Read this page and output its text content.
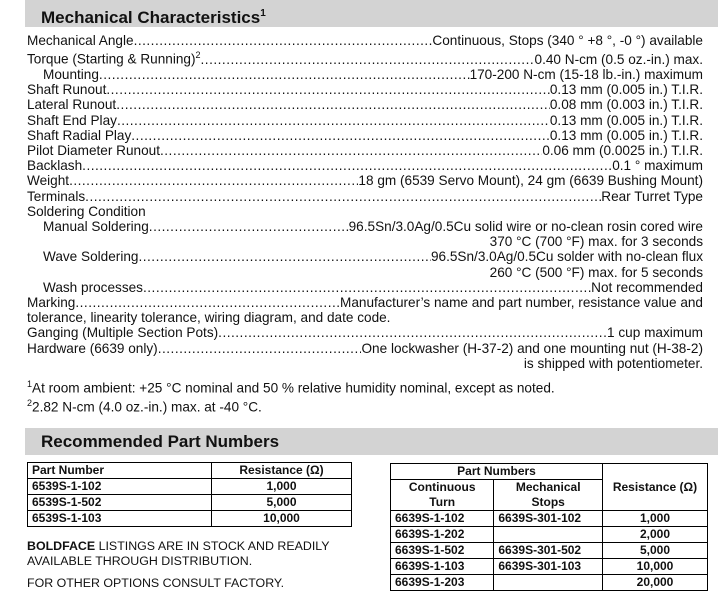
Mechanical Characteristics$^1$
Mechanical Angle .....	Continuous, Stops (340 ° +8 °, -0 °) available
Torque (Starting & Running)$^2$ .....	0.40 N-cm (0.5 oz.-in.) max.
Mounting .....	170-200 N-cm (15-18 lb.-in.) maximum
Shaft Runout .....	0.13 mm (0.005 in.) T.I.R.
Lateral Runout .....	0.08 mm (0.003 in.) T.I.R.
Shaft End Play .....	0.13 mm (0.005 in.) T.I.R.
Shaft Radial Play .....	0.13 mm (0.005 in.) T.I.R.
Pilot Diameter Runout .....	0.06 mm (0.0025 in.) T.I.R.
Backlash .....	0.1 ° maximum
Weight .....	18 gm (6539 Servo Mount), 24 gm (6639 Bushing Mount)
Terminals .....	Rear Turret Type
Soldering Condition
Manual Soldering .....	96.5Sn/3.0Ag/0.5Cu solid wire or no-clean rosin cored wire
370 °C (700 °F) max. for 3 seconds
Wave Soldering .....	96.5Sn/3.0Ag/0.5Cu solder with no-clean flux
260 °C (500 °F) max. for 5 seconds
Wash processes .....	Not recommended
Marking .....	Manufacturer’s name and part number, resistance value and
tolerance, linearity tolerance, wiring diagram, and date code.
Ganging (Multiple Section Pots) .....	1 cup maximum
Hardware (6639 only) .....	One lockwasher (H-37-2) and one mounting nut (H-38-2)
is shipped with potentiometer.
$^1$At room ambient: +25 °C nominal and 50 % relative humidity nominal, except as noted.
$^2$2.82 N-cm (4.0 oz.-in.) max. at -40 °C.
Recommended Part Numbers
Part Number	Resistance (Ω)
6539S-1-102	1,000
6539S-1-502	5,000
6539S-1-103	10,000
BOLDFACE LISTINGS ARE IN STOCK AND READILY
AVAILABLE THROUGH DISTRIBUTION.
FOR OTHER OPTIONS CONSULT FACTORY.
Part Numbers		Resistance (Ω)
Continuous Turn	Mechanical Stops	
6639S-1-102	6639S-301-102	1,000
6639S-1-202		2,000
6639S-1-502	6639S-301-502	5,000
6639S-1-103	6639S-301-103	10,000
6639S-1-203		20,000
